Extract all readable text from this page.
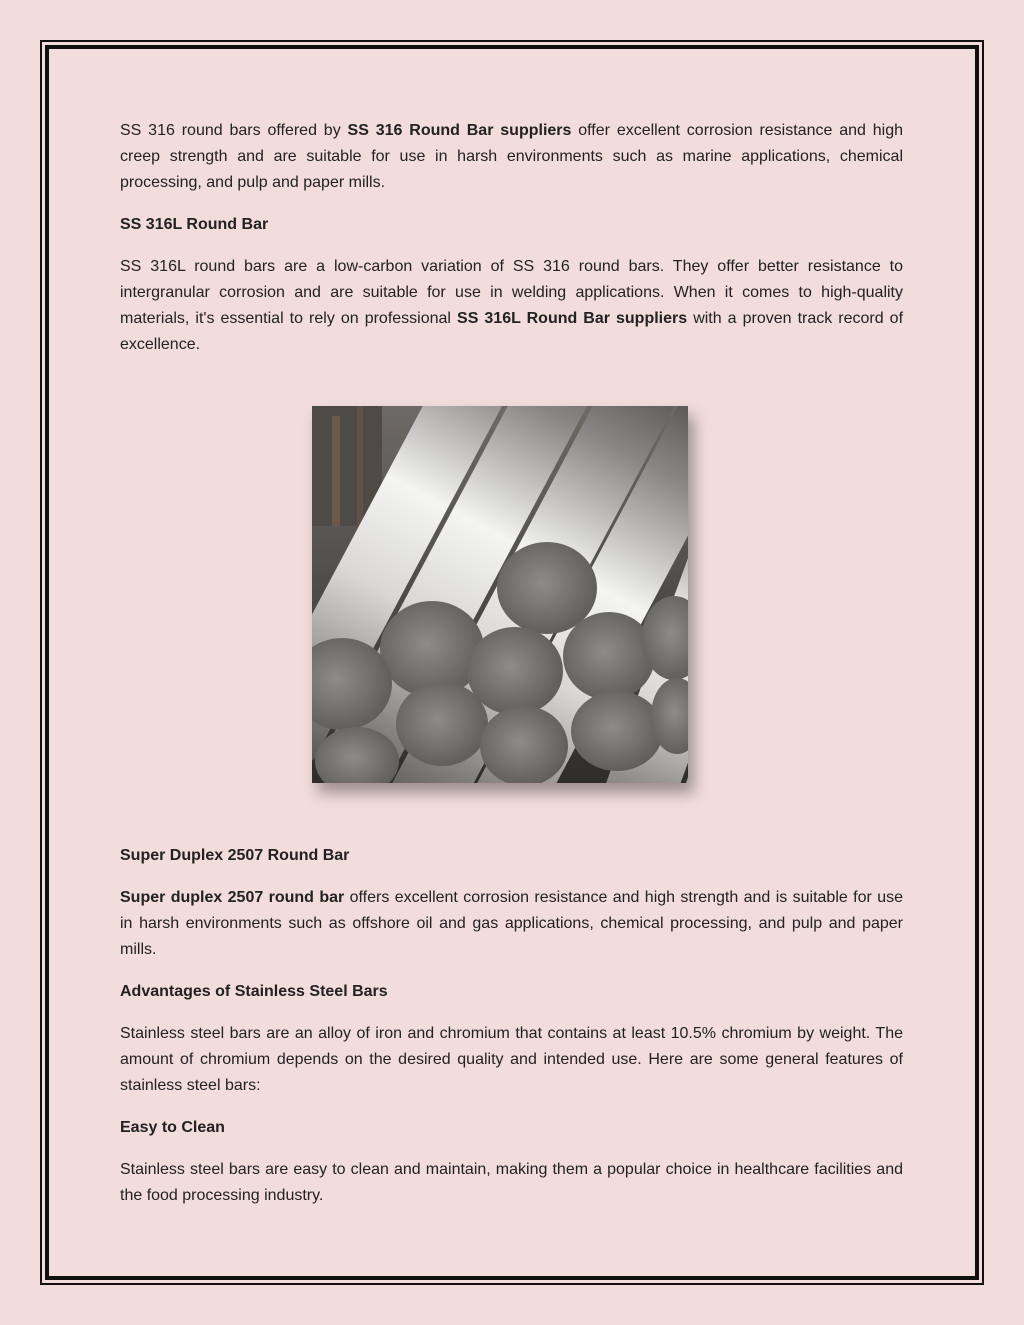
SS 316 round bars offered by SS 316 Round Bar suppliers offer excellent corrosion resistance and high creep strength and are suitable for use in harsh environments such as marine applications, chemical processing, and pulp and paper mills.

SS 316L Round Bar

SS 316L round bars are a low-carbon variation of SS 316 round bars. They offer better resistance to intergranular corrosion and are suitable for use in welding applications. When it comes to high-quality materials, it's essential to rely on professional SS 316L Round Bar suppliers with a proven track record of excellence.

Super Duplex 2507 Round Bar

Super duplex 2507 round bar offers excellent corrosion resistance and high strength and is suitable for use in harsh environments such as offshore oil and gas applications, chemical processing, and pulp and paper mills.

Advantages of Stainless Steel Bars

Stainless steel bars are an alloy of iron and chromium that contains at least 10.5% chromium by weight. The amount of chromium depends on the desired quality and intended use. Here are some general features of stainless steel bars:

Easy to Clean

Stainless steel bars are easy to clean and maintain, making them a popular choice in healthcare facilities and the food processing industry.
